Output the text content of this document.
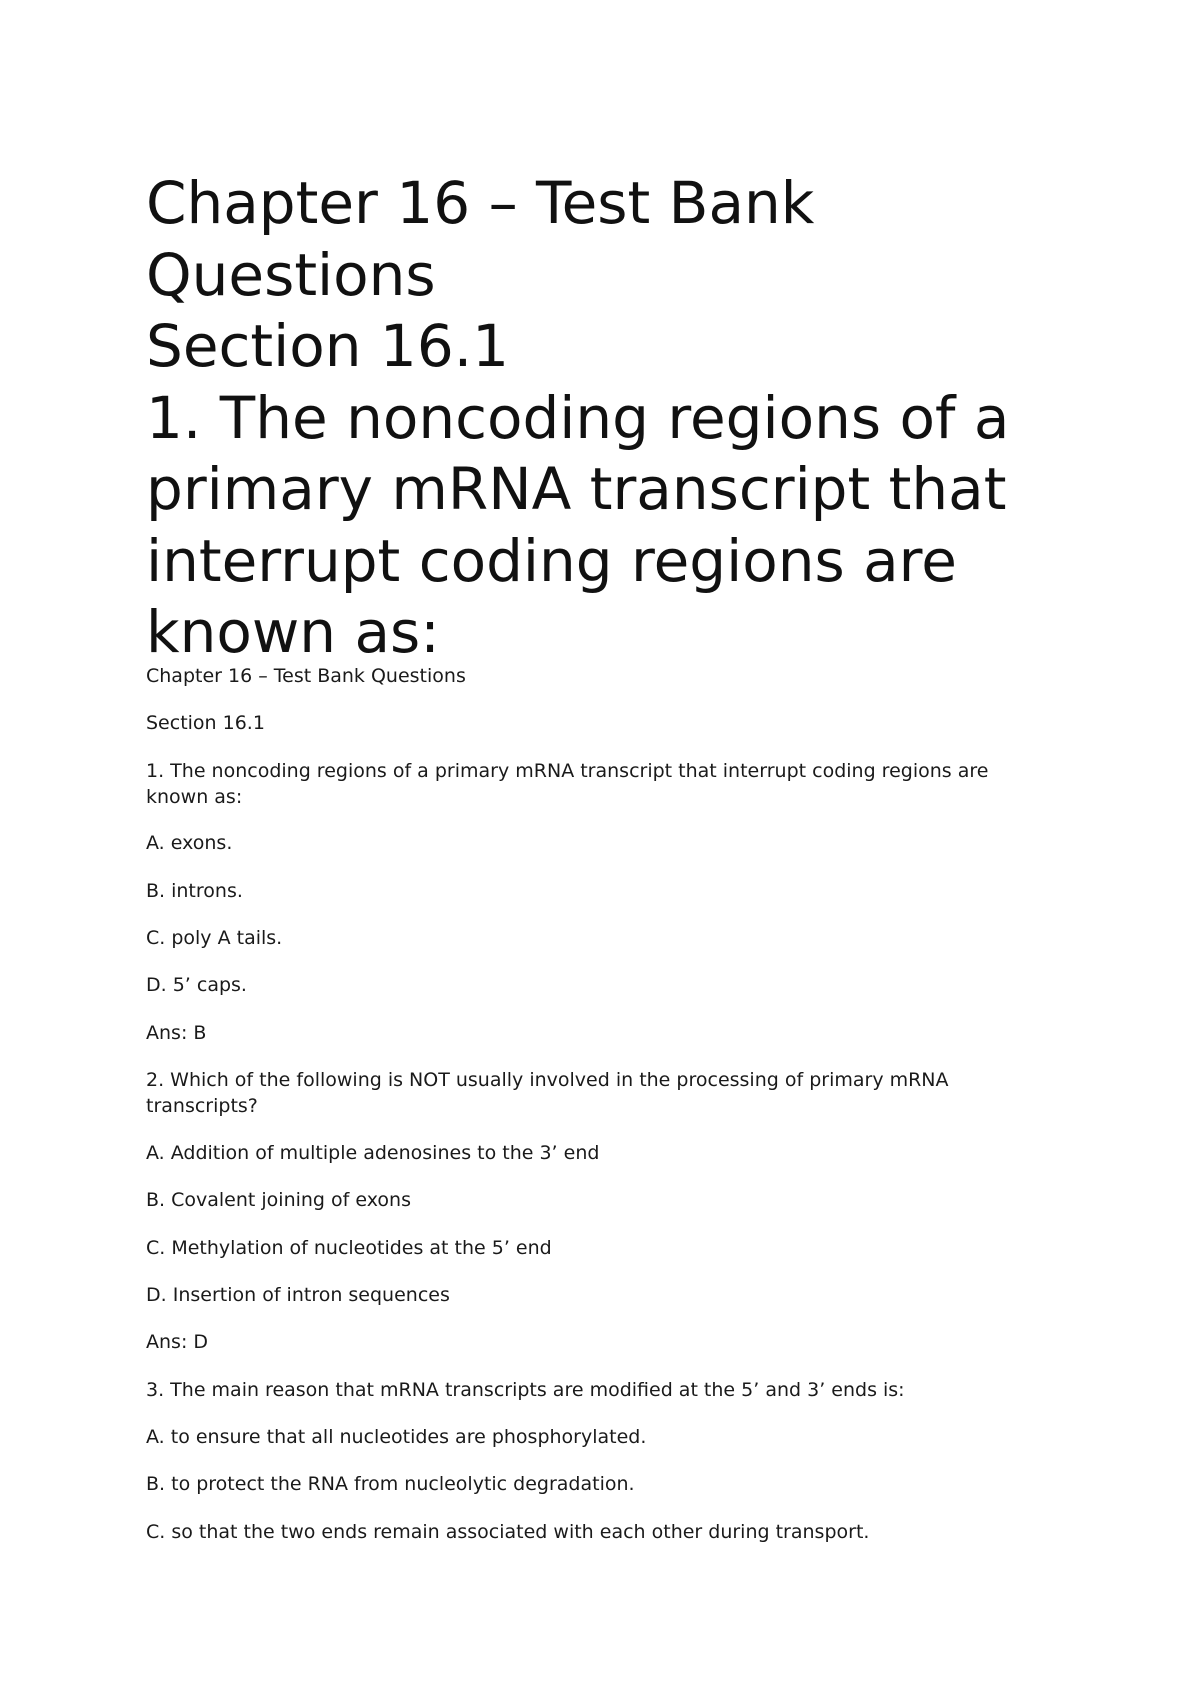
Chapter 16 – Test Bank
Questions
Section 16.1
1. The noncoding regions of a
primary mRNA transcript that
interrupt coding regions are
known as:

Chapter 16 – Test Bank Questions

Section 16.1

1. The noncoding regions of a primary mRNA transcript that interrupt coding regions are

known as:

A. exons.

B. introns.

C. poly A tails.

D. 5’ caps.

Ans: B

2. Which of the following is NOT usually involved in the processing of primary mRNA

transcripts?

A. Addition of multiple adenosines to the 3’ end

B. Covalent joining of exons

C. Methylation of nucleotides at the 5’ end

D. Insertion of intron sequences

Ans: D

3. The main reason that mRNA transcripts are modified at the 5’ and 3’ ends is:

A. to ensure that all nucleotides are phosphorylated.

B. to protect the RNA from nucleolytic degradation.

C. so that the two ends remain associated with each other during transport.
